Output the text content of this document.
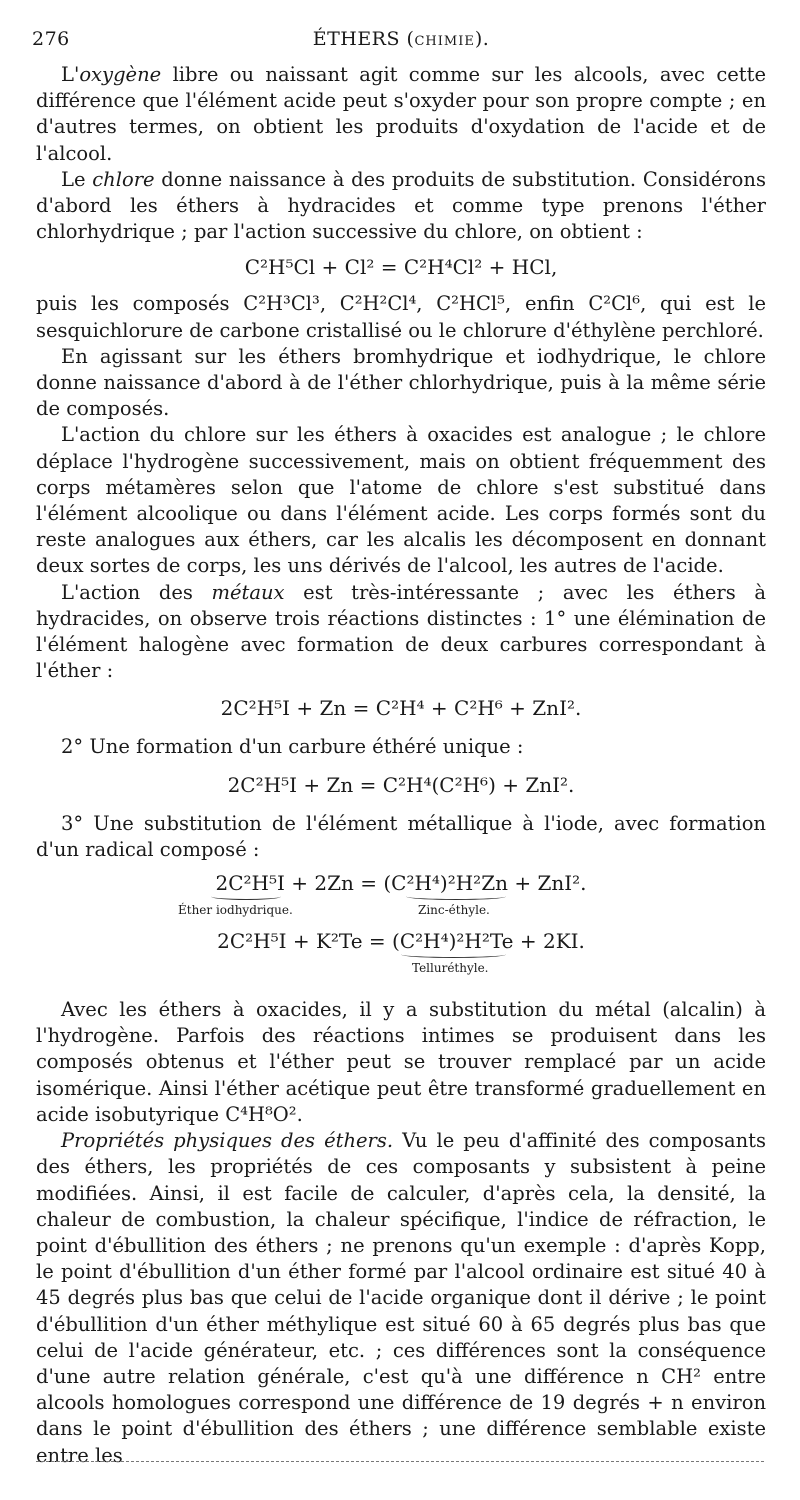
276	ÉTHERS (CHIMIE).

L'oxygène libre ou naissant agit comme sur les alcools, avec cette différence que l'élément acide peut s'oxyder pour son propre compte ; en d'autres termes, on obtient les produits d'oxydation de l'acide et de l'alcool.

Le chlore donne naissance à des produits de substitution. Considérons d'abord les éthers à hydracides et comme type prenons l'éther chlorhydrique ; par l'action successive du chlore, on obtient :

C²H⁵Cl + Cl² = C²H⁴Cl² + HCl,

puis les composés C²H³Cl³, C²H²Cl⁴, C²HCl⁵, enfin C²Cl⁶, qui est le sesquichlorure de carbone cristallisé ou le chlorure d'éthylène perchloré.

En agissant sur les éthers bromhydrique et iodhydrique, le chlore donne naissance d'abord à de l'éther chlorhydrique, puis à la même série de composés.

L'action du chlore sur les éthers à oxacides est analogue ; le chlore déplace l'hydrogène successivement, mais on obtient fréquemment des corps métamères selon que l'atome de chlore s'est substitué dans l'élément alcoolique ou dans l'élément acide. Les corps formés sont du reste analogues aux éthers, car les alcalis les décomposent en donnant deux sortes de corps, les uns dérivés de l'alcool, les autres de l'acide.

L'action des métaux est très-intéressante ; avec les éthers à hydracides, on observe trois réactions distinctes : 1° une élémination de l'élément halogène avec formation de deux carbures correspondant à l'éther :

2C²H⁵I + Zn = C²H⁴ + C²H⁶ + ZnI².

2° Une formation d'un carbure éthéré unique :

2C²H⁵I + Zn = C²H⁴(C²H⁶) + ZnI².

3° Une substitution de l'élément métallique à l'iode, avec formation d'un radical composé :

2C²H⁵I + 2Zn = (C²H⁴)²H²Zn + ZnI².
Éther iodhydrique.	Zinc-éthyle.
2C²H⁵I + K²Te = (C²H⁴)²H²Te + 2KI.
Telluréthyle.

Avec les éthers à oxacides, il y a substitution du métal (alcalin) à l'hydrogène. Parfois des réactions intimes se produisent dans les composés obtenus et l'éther peut se trouver remplacé par un acide isomérique. Ainsi l'éther acétique peut être transformé graduellement en acide isobutyrique C⁴H⁸O².

Propriétés physiques des éthers. Vu le peu d'affinité des composants des éthers, les propriétés de ces composants y subsistent à peine modifiées. Ainsi, il est facile de calculer, d'après cela, la densité, la chaleur de combustion, la chaleur spécifique, l'indice de réfraction, le point d'ébullition des éthers ; ne prenons qu'un exemple : d'après Kopp, le point d'ébullition d'un éther formé par l'alcool ordinaire est situé 40 à 45 degrés plus bas que celui de l'acide organique dont il dérive ; le point d'ébullition d'un éther méthylique est situé 60 à 65 degrés plus bas que celui de l'acide générateur, etc. ; ces différences sont la conséquence d'une autre relation générale, c'est qu'à une différence n CH² entre alcools homologues correspond une différence de 19 degrés + n environ dans le point d'ébullition des éthers ; une différence semblable existe entre les
